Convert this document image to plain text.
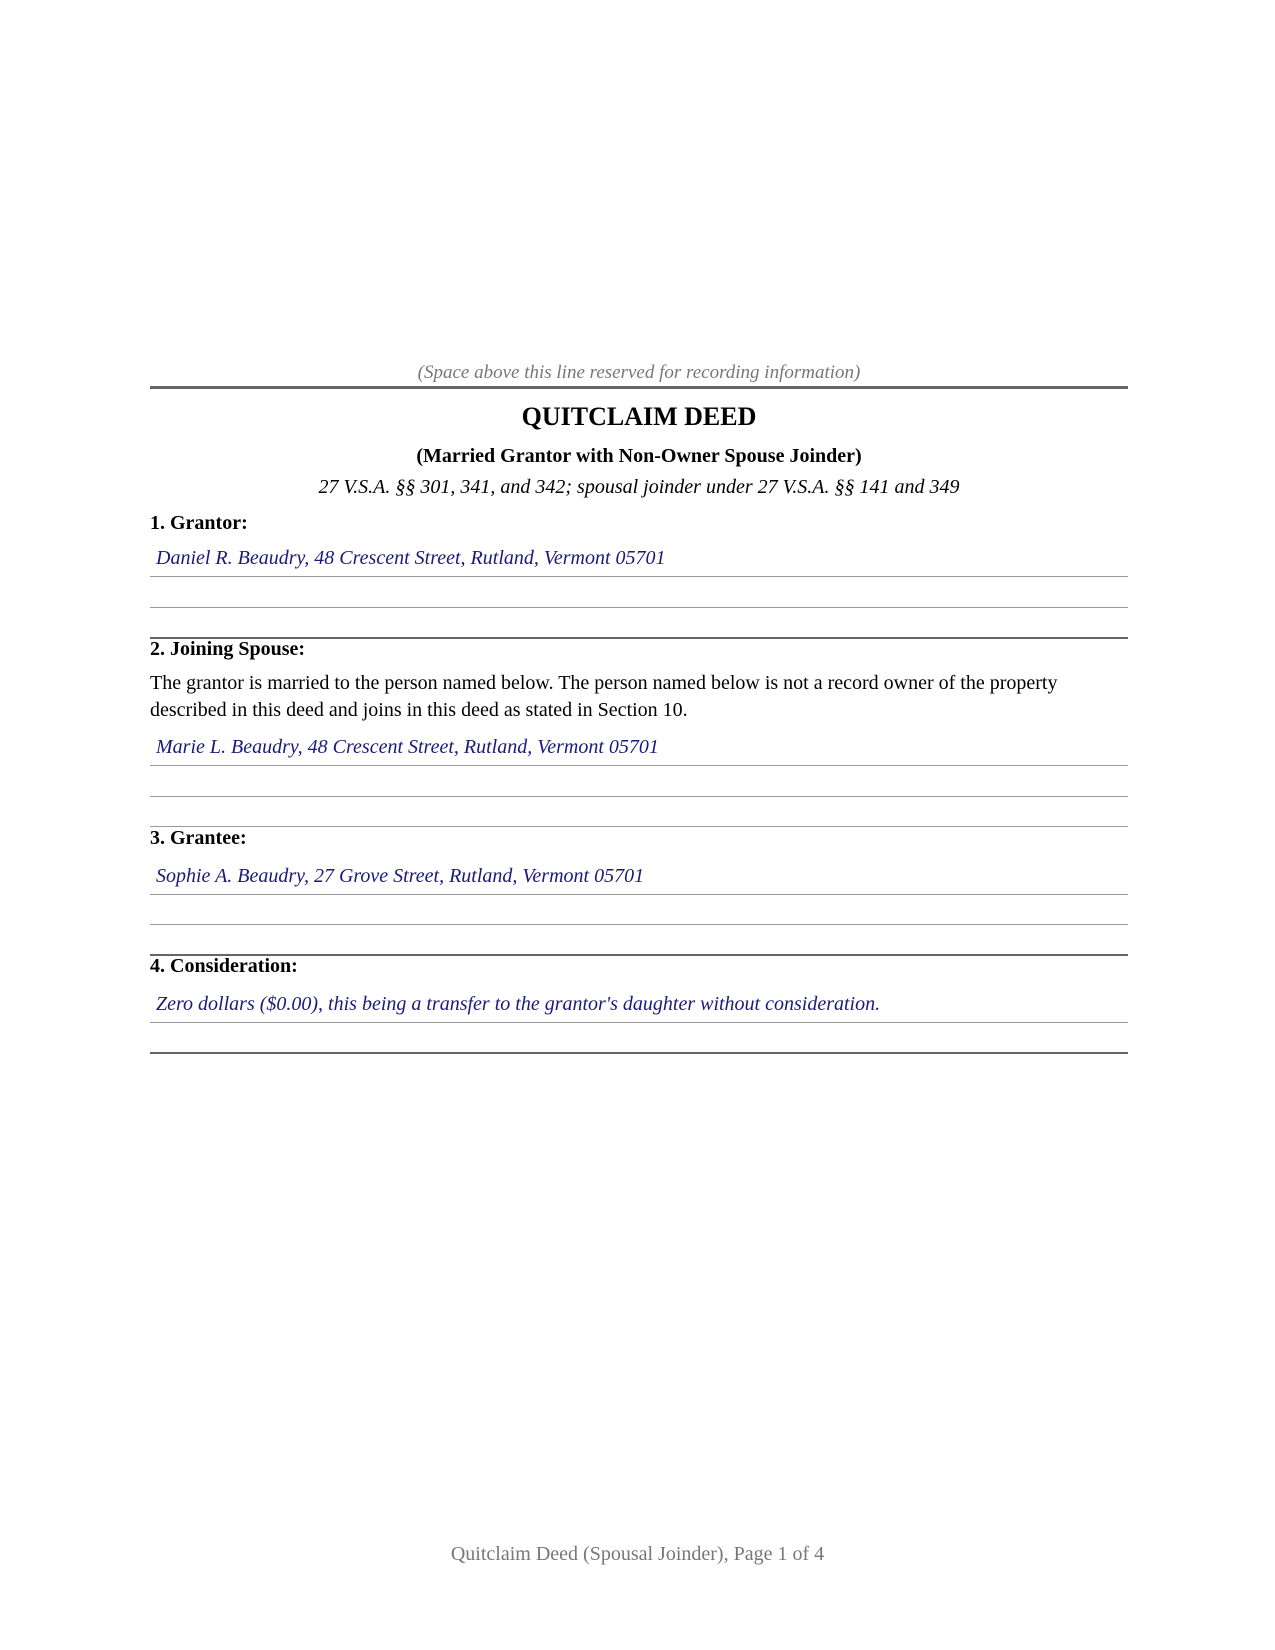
(Space above this line reserved for recording information)
QUITCLAIM DEED
(Married Grantor with Non-Owner Spouse Joinder)
27 V.S.A. §§ 301, 341, and 342; spousal joinder under 27 V.S.A. §§ 141 and 349
1. Grantor:
Daniel R. Beaudry, 48 Crescent Street, Rutland, Vermont 05701
2. Joining Spouse:
The grantor is married to the person named below. The person named below is not a record owner of the property described in this deed and joins in this deed as stated in Section 10.
Marie L. Beaudry, 48 Crescent Street, Rutland, Vermont 05701
3. Grantee:
Sophie A. Beaudry, 27 Grove Street, Rutland, Vermont 05701
4. Consideration:
Zero dollars ($0.00), this being a transfer to the grantor's daughter without consideration.
Quitclaim Deed (Spousal Joinder), Page 1 of 4
